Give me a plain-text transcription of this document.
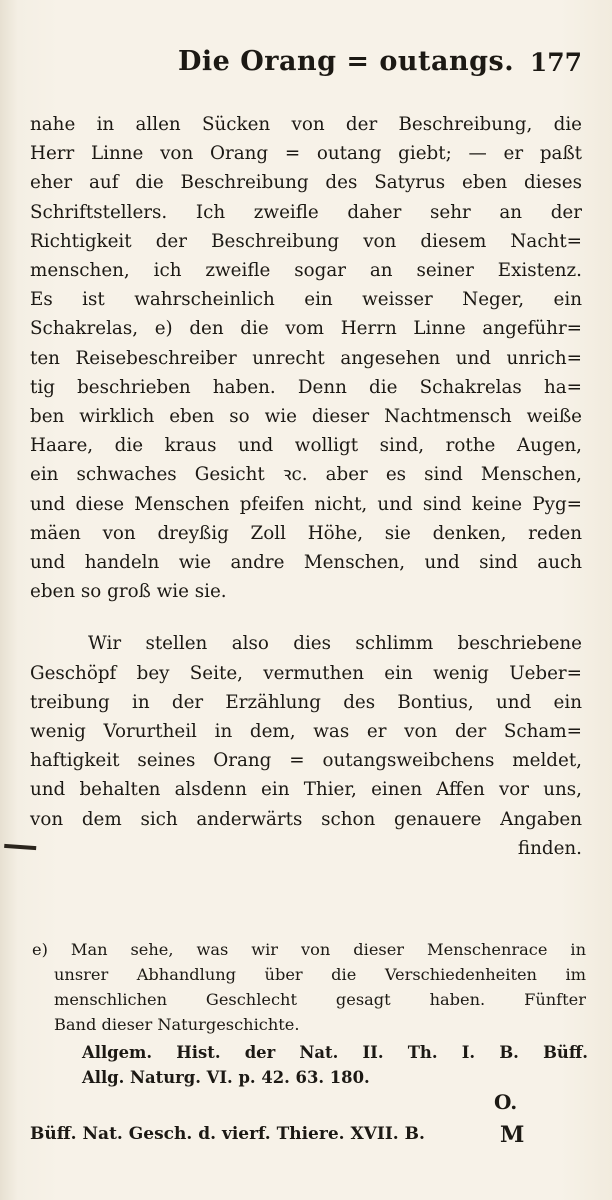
Die Orang = outangs. 177
nahe in allen Sücken von der Beschreibung, die
Herr Linne von Orang = outang giebt; — er paßt
eher auf die Beschreibung des Satyrus eben dieses
Schriftstellers. Ich zweifle daher sehr an der
Richtigkeit der Beschreibung von diesem Nacht=
menschen, ich zweifle sogar an seiner Existenz.
Es ist wahrscheinlich ein weisser Neger, ein
Schakrelas, e) den die vom Herrn Linne angeführ=
ten Reisebeschreiber unrecht angesehen und unrich=
tig beschrieben haben. Denn die Schakrelas ha=
ben wirklich eben so wie dieser Nachtmensch weiße
Haare, die kraus und wolligt sind, rothe Augen,
ein schwaches Gesicht ꝛc. aber es sind Menschen,
und diese Menschen pfeifen nicht, und sind keine Pyg=
mäen von dreyßig Zoll Höhe, sie denken, reden
und handeln wie andre Menschen, und sind auch
eben so groß wie sie.
Wir stellen also dies schlimm beschriebene
Geschöpf bey Seite, vermuthen ein wenig Ueber=
treibung in der Erzählung des Bontius, und ein
wenig Vorurtheil in dem, was er von der Scham=
haftigkeit seines Orang = outangsweibchens meldet,
und behalten alsdenn ein Thier, einen Affen vor uns,
von dem sich anderwärts schon genauere Angaben
finden.
e) Man sehe, was wir von dieser Menschenrace in
unsrer Abhandlung über die Verschiedenheiten im
menschlichen Geschlecht gesagt haben. Fünfter
Band dieser Naturgeschichte.
Allgem. Hist. der Nat. II. Th. I. B. Büff.
Allg. Naturg. VI. p. 42. 63. 180.
O.
Büff. Nat. Gesch. d. vierf. Thiere. XVII. B.	M
